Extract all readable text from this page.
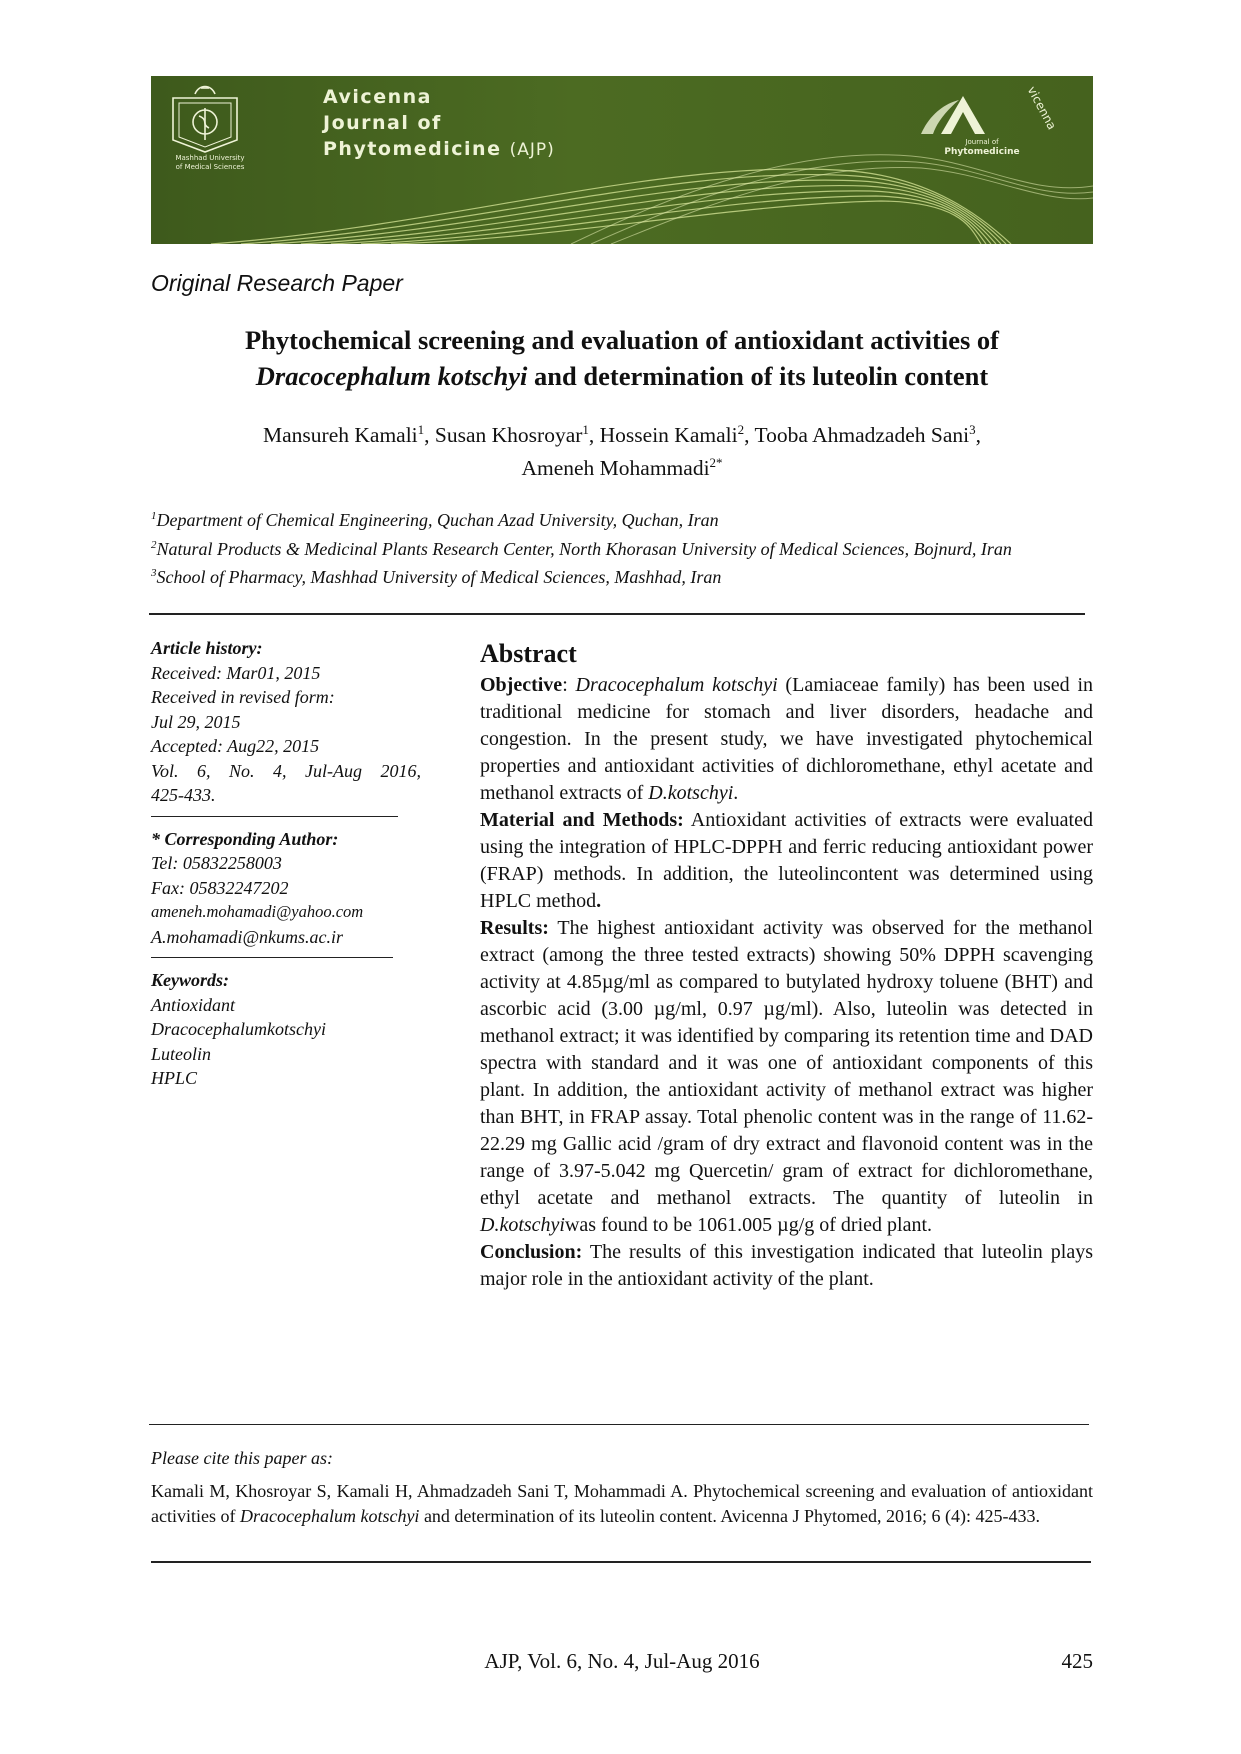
Avicenna
Journal of
Phytomedicine (AJP)
Mashhad University
of Medical Sciences
vicenna
Journal of
Phytomedicine
Original Research Paper
Phytochemical screening and evaluation of antioxidant activities of
Dracocephalum kotschyi and determination of its luteolin content
Mansureh Kamali$^1$, Susan Khosroyar$^1$, Hossein Kamali$^2$, Tooba Ahmadzadeh Sani$^3$,
Ameneh Mohammadi$^{2*}$
$^1$Department of Chemical Engineering, Quchan Azad University, Quchan, Iran
$^2$Natural Products & Medicinal Plants Research Center, North Khorasan University of Medical Sciences, Bojnurd, Iran
$^3$School of Pharmacy, Mashhad University of Medical Sciences, Mashhad, Iran
Article history:
Received: Mar01, 2015
Received in revised form:
Jul 29, 2015
Accepted: Aug22, 2015
Vol. 6, No. 4, Jul-Aug 2016,
425-433.
* Corresponding Author:
Tel: 05832258003
Fax: 05832247202
ameneh.mohamadi@yahoo.com
A.mohamadi@nkums.ac.ir
Keywords:
Antioxidant
Dracocephalumkotschyi
Luteolin
HPLC
Abstract

Objective: Dracocephalum kotschyi (Lamiaceae family) has been used in traditional medicine for stomach and liver disorders, headache and congestion. In the present study, we have investigated phytochemical properties and antioxidant activities of dichloromethane, ethyl acetate and methanol extracts of D.kotschyi.

Material and Methods: Antioxidant activities of extracts were evaluated using the integration of HPLC-DPPH and ferric reducing antioxidant power (FRAP) methods. In addition, the luteolincontent was determined using HPLC method.

Results: The highest antioxidant activity was observed for the methanol extract (among the three tested extracts) showing 50% DPPH scavenging activity at 4.85µg/ml as compared to butylated hydroxy toluene (BHT) and ascorbic acid (3.00 µg/ml, 0.97 µg/ml). Also, luteolin was detected in methanol extract; it was identified by comparing its retention time and DAD spectra with standard and it was one of antioxidant components of this plant. In addition, the antioxidant activity of methanol extract was higher than BHT, in FRAP assay. Total phenolic content was in the range of 11.62-22.29 mg Gallic acid /gram of dry extract and flavonoid content was in the range of 3.97-5.042 mg Quercetin/ gram of extract for dichloromethane, ethyl acetate and methanol extracts. The quantity of luteolin in D.kotschyiwas found to be 1061.005 µg/g of dried plant.

Conclusion: The results of this investigation indicated that luteolin plays major role in the antioxidant activity of the plant.

Please cite this paper as:
Kamali M, Khosroyar S, Kamali H, Ahmadzadeh Sani T, Mohammadi A. Phytochemical screening and evaluation of antioxidant activities of Dracocephalum kotschyi and determination of its luteolin content. Avicenna J Phytomed, 2016; 6 (4): 425-433.
AJP, Vol. 6, No. 4, Jul-Aug 2016	425
